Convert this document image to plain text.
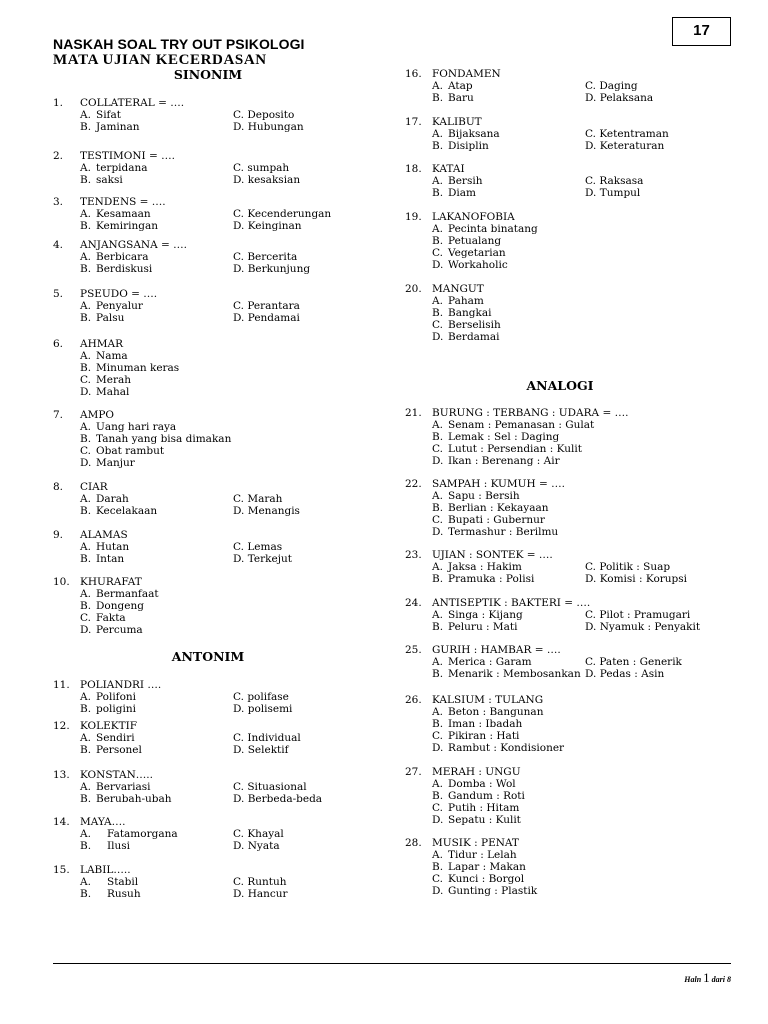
17
NASKAH SOAL TRY OUT PSIKOLOGI
MATA UJIAN KECERDASAN
SINONIM
1. COLLATERAL = ….
A. Sifat	C. Deposito
B. Jaminan	D. Hubungan
2. TESTIMONI = ….
A. terpidana	C. sumpah
B. saksi	D. kesaksian
3. TENDENS = ….
A. Kesamaan	C. Kecenderungan
B. Kemiringan	D. Keinginan
4. ANJANGSANA = ….
A. Berbicara	C. Bercerita
B. Berdiskusi	D. Berkunjung
5. PSEUDO = ….
A. Penyalur	C. Perantara
B. Palsu	D. Pendamai
6. AHMAR
A. Nama
B. Minuman keras
C. Merah
D. Mahal
7. AMPO
A. Uang hari raya
B. Tanah yang bisa dimakan
C. Obat rambut
D. Manjur
8. CIAR
A. Darah	C. Marah
B. Kecelakaan	D. Menangis
9. ALAMAS
A. Hutan	C. Lemas
B. Intan	D. Terkejut
10. KHURAFAT
A. Bermanfaat
B. Dongeng
C. Fakta
D. Percuma
ANTONIM
11. POLIANDRI ….
A. Polifoni	C. polifase
B. poligini	D. polisemi
12. KOLEKTIF
A. Sendiri	C. Individual
B. Personel	D. Selektif
13. KONSTAN…..
A. Bervariasi	C. Situasional
B. Berubah-ubah	D. Berbeda-beda
14. MAYA….
A. Fatamorgana	C. Khayal
B. Ilusi	D. Nyata
15. LABIL…..
A. Stabil	C. Runtuh
B. Rusuh	D. Hancur
16. FONDAMEN
A. Atap	C. Daging
B. Baru	D. Pelaksana
17. KALIBUT
A. Bijaksana	C. Ketentraman
B. Disiplin	D. Keteraturan
18. KATAI
A. Bersih	C. Raksasa
B. Diam	D. Tumpul
19. LAKANOFOBIA
A. Pecinta binatang
B. Petualang
C. Vegetarian
D. Workaholic
20. MANGUT
A. Paham
B. Bangkai
C. Berselisih
D. Berdamai
ANALOGI
21. BURUNG : TERBANG : UDARA = ….
A. Senam : Pemanasan : Gulat
B. Lemak : Sel : Daging
C. Lutut : Persendian : Kulit
D. Ikan : Berenang : Air
22. SAMPAH : KUMUH = ….
A. Sapu : Bersih
B. Berlian : Kekayaan
C. Bupati : Gubernur
D. Termashur : Berilmu
23. UJIAN : SONTEK = ….
A. Jaksa : Hakim	C. Politik : Suap
B. Pramuka : Polisi	D. Komisi : Korupsi
24. ANTISEPTIK : BAKTERI = ….
A. Singa : Kijang	C. Pilot : Pramugari
B. Peluru : Mati	D. Nyamuk : Penyakit
25. GURIH : HAMBAR = ….
A. Merica : Garam	C. Paten : Generik
B. Menarik : Membosankan D. Pedas : Asin
26. KALSIUM : TULANG
A. Beton : Bangunan
B. Iman : Ibadah
C. Pikiran : Hati
D. Rambut : Kondisioner
27. MERAH : UNGU
A. Domba : Wol
B. Gandum : Roti
C. Putih : Hitam
D. Sepatu : Kulit
28. MUSIK : PENAT
A. Tidur : Lelah
B. Lapar : Makan
C. Kunci : Borgol
D. Gunting : Plastik
Haln 1 dari 8
